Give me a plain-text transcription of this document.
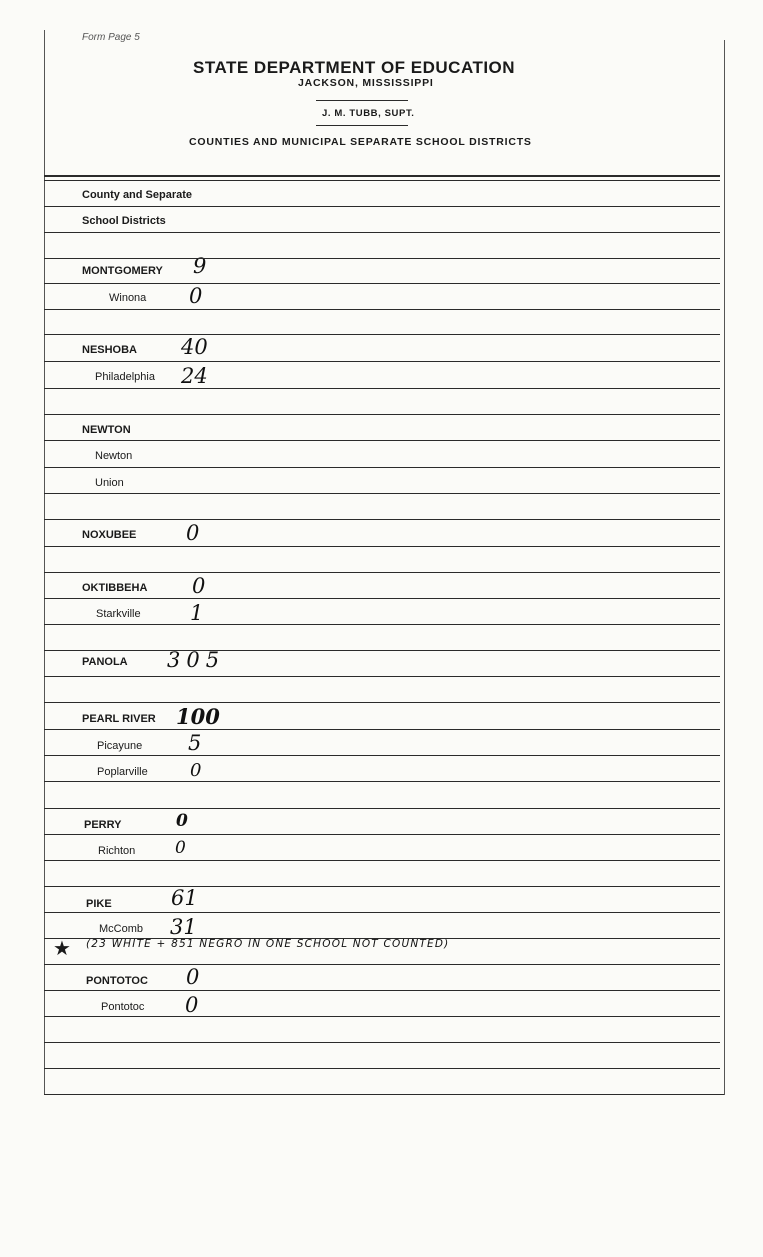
Form Page 5
STATE DEPARTMENT OF EDUCATION
JACKSON, MISSISSIPPI
J. M. TUBB, SUPT.
COUNTIES AND MUNICIPAL SEPARATE SCHOOL DISTRICTS
County and Separate
School Districts
MONTGOMERY
Winona
NESHOBA
Philadelphia
NEWTON
Newton
Union
NOXUBEE
OKTIBBEHA
Starkville
PANOLA
PEARL RIVER
Picayune
Poplarville
PERRY
Richton
PIKE
McComb
PONTOTOC
Pontotoc
9
0
40
24
0
0
1
305
100
5
0
0
0
61
31
0
0
★ (23 WHITE + 851 NEGRO IN ONE SCHOOL NOT COUNTED)
